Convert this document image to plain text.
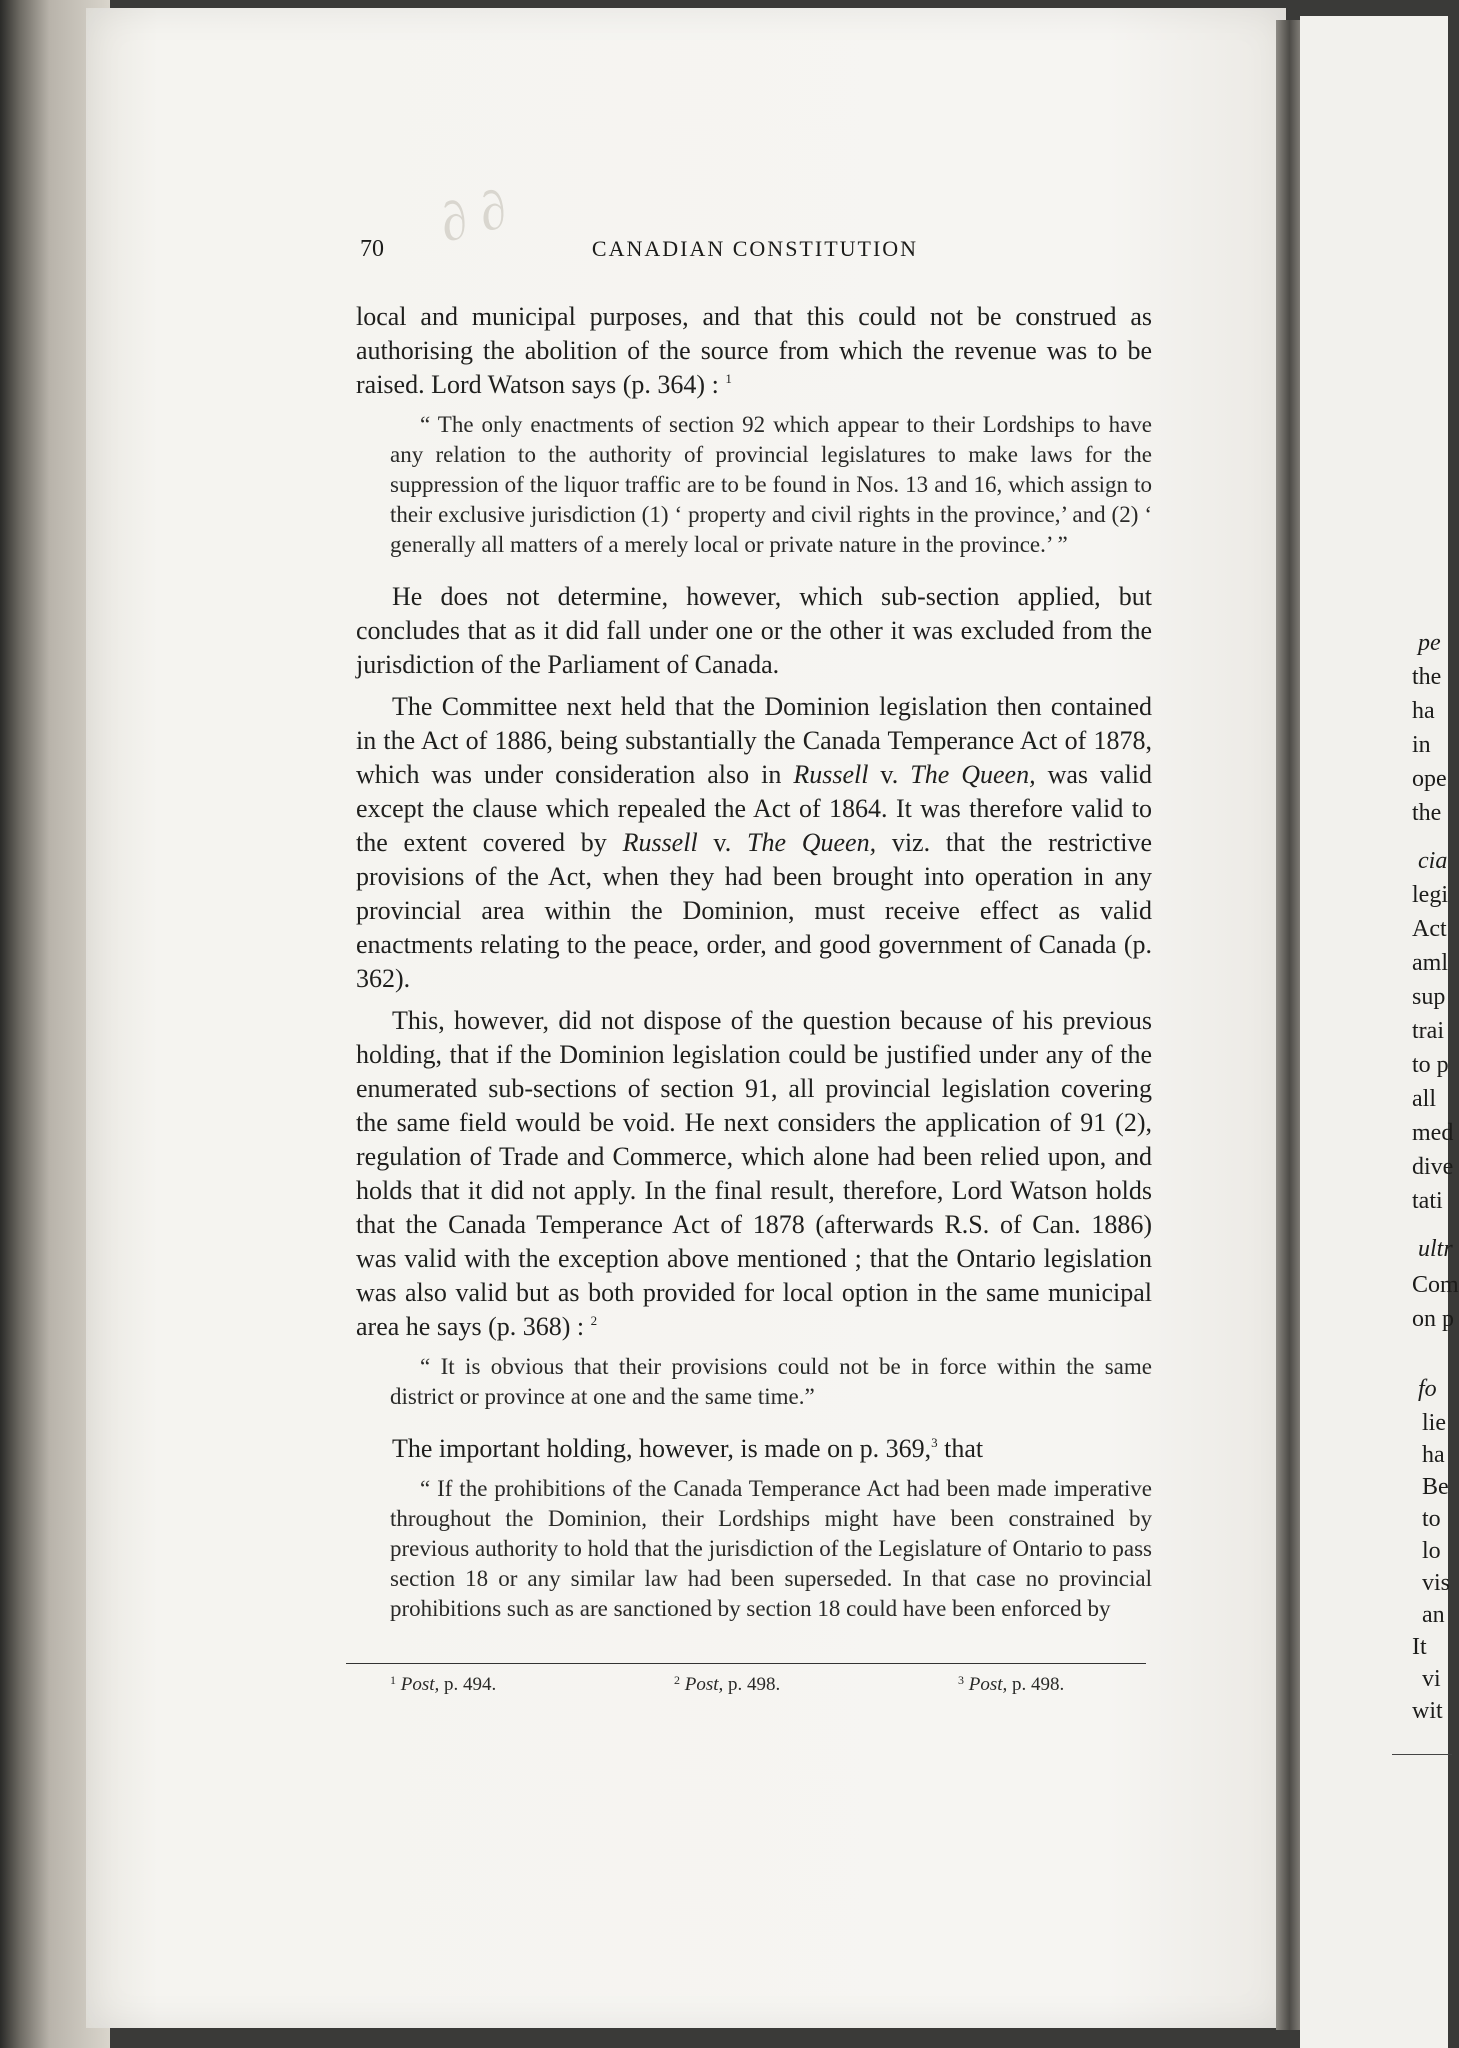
∂ ∂
70	CANADIAN CONSTITUTION

local and municipal purposes, and that this could not be construed as authorising the abolition of the source from which the revenue was to be raised. Lord Watson says (p. 364) : $^1$

“ The only enactments of section 92 which appear to their Lordships to have any relation to the authority of provincial legislatures to make laws for the suppression of the liquor traffic are to be found in Nos. 13 and 16, which assign to their exclusive jurisdiction (1) ‘ property and civil rights in the province,’ and (2) ‘ generally all matters of a merely local or private nature in the province.’ ”

He does not determine, however, which sub-section applied, but concludes that as it did fall under one or the other it was excluded from the jurisdiction of the Parliament of Canada.

The Committee next held that the Dominion legislation then contained in the Act of 1886, being substantially the Canada Temperance Act of 1878, which was under consideration also in Russell v. The Queen, was valid except the clause which repealed the Act of 1864. It was therefore valid to the extent covered by Russell v. The Queen, viz. that the restrictive provisions of the Act, when they had been brought into operation in any provincial area within the Dominion, must receive effect as valid enactments relating to the peace, order, and good government of Canada (p. 362).

This, however, did not dispose of the question because of his previous holding, that if the Dominion legislation could be justified under any of the enumerated sub-sections of section 91, all provincial legislation covering the same field would be void. He next considers the application of 91 (2), regulation of Trade and Commerce, which alone had been relied upon, and holds that it did not apply. In the final result, therefore, Lord Watson holds that the Canada Temperance Act of 1878 (afterwards R.S. of Can. 1886) was valid with the exception above mentioned ; that the Ontario legislation was also valid but as both provided for local option in the same municipal area he says (p. 368) : $^2$

“ It is obvious that their provisions could not be in force within the same district or province at one and the same time.”

The important holding, however, is made on p. 369,$^3$ that

“ If the prohibitions of the Canada Temperance Act had been made imperative throughout the Dominion, their Lordships might have been constrained by previous authority to hold that the jurisdiction of the Legislature of Ontario to pass section 18 or any similar law had been superseded. In that case no provincial prohibitions such as are sanctioned by section 18 could have been enforced by

$^1$ Post, p. 494.	$^2$ Post, p. 498.	$^3$ Post, p. 498.
pe
the
ha
in
ope
the
cia
legi
Act
aml
sup
trai
to p
all
med
dive
tati
ultr
Com
on p
fo
lie
ha
Be
to
lo
vis
an
It
vi
wit
